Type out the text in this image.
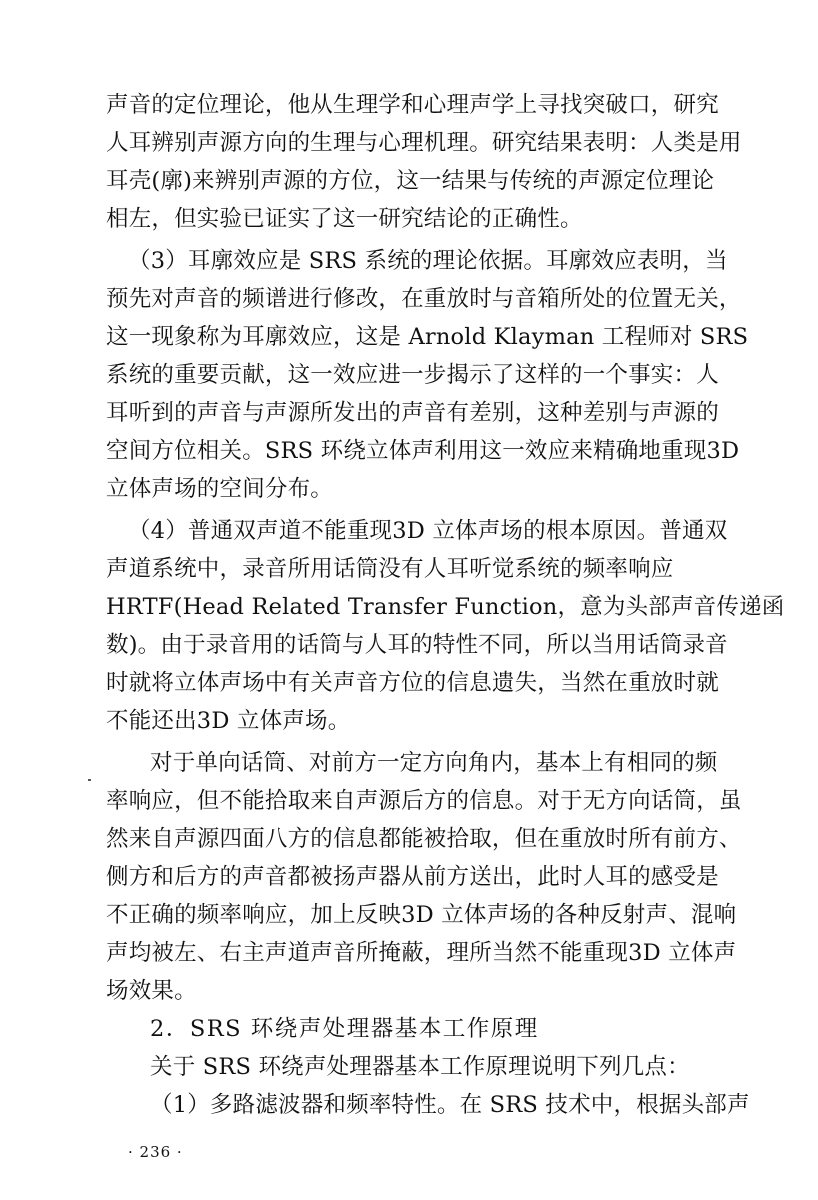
声音的定位理论，他从生理学和心理声学上寻找突破口，研究
人耳辨别声源方向的生理与心理机理。研究结果表明：人类是用
耳壳(廓)来辨别声源的方位，这一结果与传统的声源定位理论
相左，但实验已证实了这一研究结论的正确性。
（3）耳廓效应是 SRS 系统的理论依据。耳廓效应表明，当
预先对声音的频谱进行修改，在重放时与音箱所处的位置无关，
这一现象称为耳廓效应，这是 Arnold Klayman 工程师对 SRS
系统的重要贡献，这一效应进一步揭示了这样的一个事实：人
耳听到的声音与声源所发出的声音有差别，这种差别与声源的
空间方位相关。SRS 环绕立体声利用这一效应来精确地重现3D
立体声场的空间分布。
（4）普通双声道不能重现3D 立体声场的根本原因。普通双
声道系统中，录音所用话筒没有人耳听觉系统的频率响应
HRTF(Head Related Transfer Function，意为头部声音传递函
数)。由于录音用的话筒与人耳的特性不同，所以当用话筒录音
时就将立体声场中有关声音方位的信息遗失，当然在重放时就
不能还出3D 立体声场。
对于单向话筒、对前方一定方向角内，基本上有相同的频
率响应，但不能拾取来自声源后方的信息。对于无方向话筒，虽
然来自声源四面八方的信息都能被拾取，但在重放时所有前方、
侧方和后方的声音都被扬声器从前方送出，此时人耳的感受是
不正确的频率响应，加上反映3D 立体声场的各种反射声、混响
声均被左、右主声道声音所掩蔽，理所当然不能重现3D 立体声
场效果。
2．SRS 环绕声处理器基本工作原理
关于 SRS 环绕声处理器基本工作原理说明下列几点：
（1）多路滤波器和频率特性。在 SRS 技术中，根据头部声
· 236 ·
